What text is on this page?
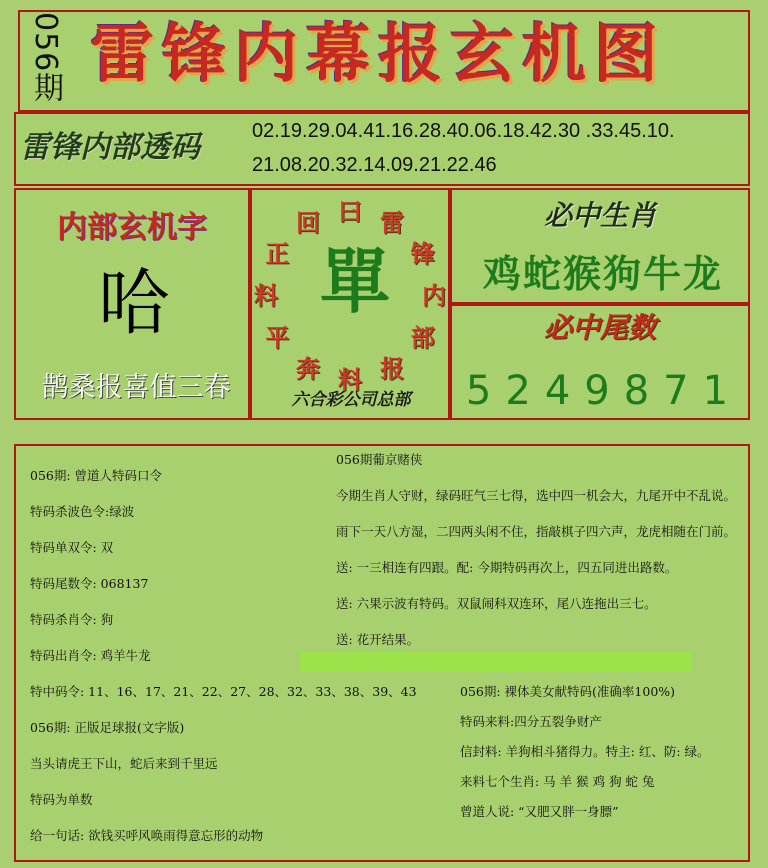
056期 雷锋内幕报玄机图
雷锋内部透码	02.19.29.04.41.16.28.40.06.18.42.30 .33.45.10.
21.08.20.32.14.09.21.22.46
内部玄机字
哈
鹊桑报喜值三春
曰 雷
锋
内
部
报
料
奔
平
料
正
回
單
六合彩公司总部
必中生肖
鸡蛇猴狗牛龙
必中尾数
5249871
056期: 曾道人特码口令
特码杀波色令:绿波
特码单双令: 双
特码尾数令: 068137
特码杀肖令: 狗
特码出肖令: 鸡羊牛龙
056期葡京赌侠
今期生肖人守财，绿码旺气三七得，选中四一机会大，九尾开中不乱说。
雨下一天八方湿，二四两头闲不住，指敲棋子四六声，龙虎相随在门前。
送: 一三相连有四跟。配: 今期特码再次上，四五同进出路数。
送: 六果示波有特码。双鼠闹科双连环，尾八连拖出三七。
送: 花开结果。
特中码令: 11、16、17、21、22、27、28、32、33、38、39、43
056期: 正版足球报(文字版)
当头请虎王下山，蛇后来到千里远
特码为单数
给一句话: 欲钱买呼风唤雨得意忘形的动物
056期: 裸体美女献特码(准确率100%)
特码来料:四分五裂争财产
信封料: 羊狗相斗猪得力。特主: 红、防: 绿。
来料七个生肖: 马 羊 猴 鸡 狗 蛇 兔
曾道人说: “又肥又胖一身膘”
